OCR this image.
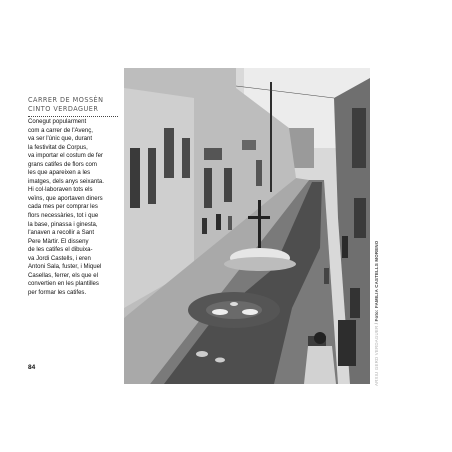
CARRER DE MOSSÈN
CINTO VERDAGUER
Conegut popularment
com a carrer de l'Avenç,
va ser l'únic que, durant
la festivitat de Corpus,
va importar el costum de fer
grans catifes de flors com
les que apareixen a les
imatges, dels anys seixanta.
Hi col·laboraven tots els
veïns, que aportaven diners
cada mes per comprar les
flors necessàries, tot i que
la base, pinassa i ginesta,
l'anaven a recollir a Sant
Pere Màrtir. El disseny
de les catifes el dibuixa-
va Jordi Castells, i eren
Antoni Sala, fuster, i Miquel
Casellas, ferrer, els que el
convertien en les plantilles
per formar les catifes.
84	ARXIU GERD VERDAGUER / Foto: FAMILIA CASTELLS MORENO
